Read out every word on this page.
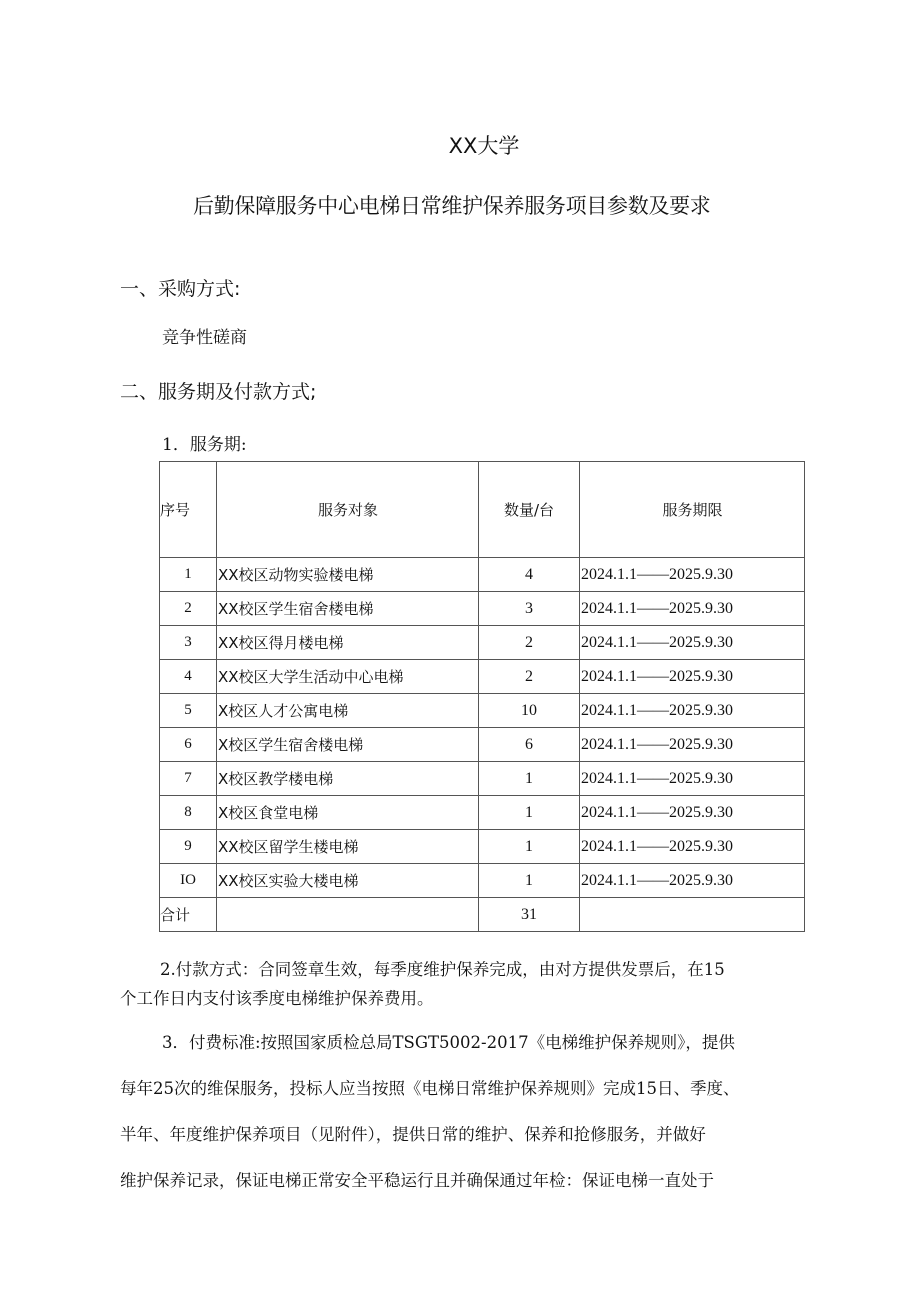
XX大学
后勤保障服务中心电梯日常维护保养服务项目参数及要求
一、采购方式:
竞争性磋商
二、服务期及付款方式;
1．服务期:
序号	服务对象	数量/台	服务期限
1	XX校区动物实验楼电梯	4	2024.1.1——2025.9.30
2	XX校区学生宿舍楼电梯	3	2024.1.1——2025.9.30
3	XX校区得月楼电梯	2	2024.1.1——2025.9.30
4	XX校区大学生活动中心电梯	2	2024.1.1——2025.9.30
5	X校区人才公寓电梯	10	2024.1.1——2025.9.30
6	X校区学生宿舍楼电梯	6	2024.1.1——2025.9.30
7	X校区教学楼电梯	1	2024.1.1——2025.9.30
8	X校区食堂电梯	1	2024.1.1——2025.9.30
9	XX校区留学生楼电梯	1	2024.1.1——2025.9.30
IO	XX校区实验大楼电梯	1	2024.1.1——2025.9.30
合计		31	
2.付款方式：合同签章生效，每季度维护保养完成，由对方提供发票后，在15
个工作日内支付该季度电梯维护保养费用。
3．付费标准:按照国家质检总局TSGT5002-2017《电梯维护保养规则》，提供
每年25次的维保服务，投标人应当按照《电梯日常维护保养规则》完成15日、季度、
半年、年度维护保养项目（见附件），提供日常的维护、保养和抢修服务，并做好
维护保养记录，保证电梯正常安全平稳运行且并确保通过年检：保证电梯一直处于
